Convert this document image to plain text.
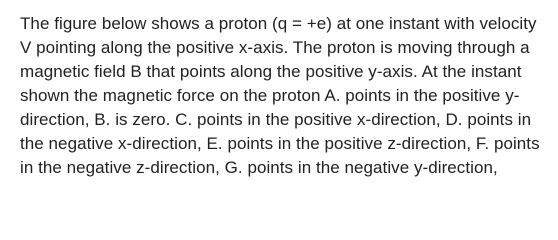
The figure below shows a proton (q = +e) at one instant with velocity V pointing along the positive x-axis. The proton is moving through a magnetic field B that points along the positive y-axis. At the instant shown the magnetic force on the proton A. points in the positive y-direction, B. is zero. C. points in the positive x-direction, D. points in the negative x-direction, E. points in the positive z-direction, F. points in the negative z-direction, G. points in the negative y-direction,
